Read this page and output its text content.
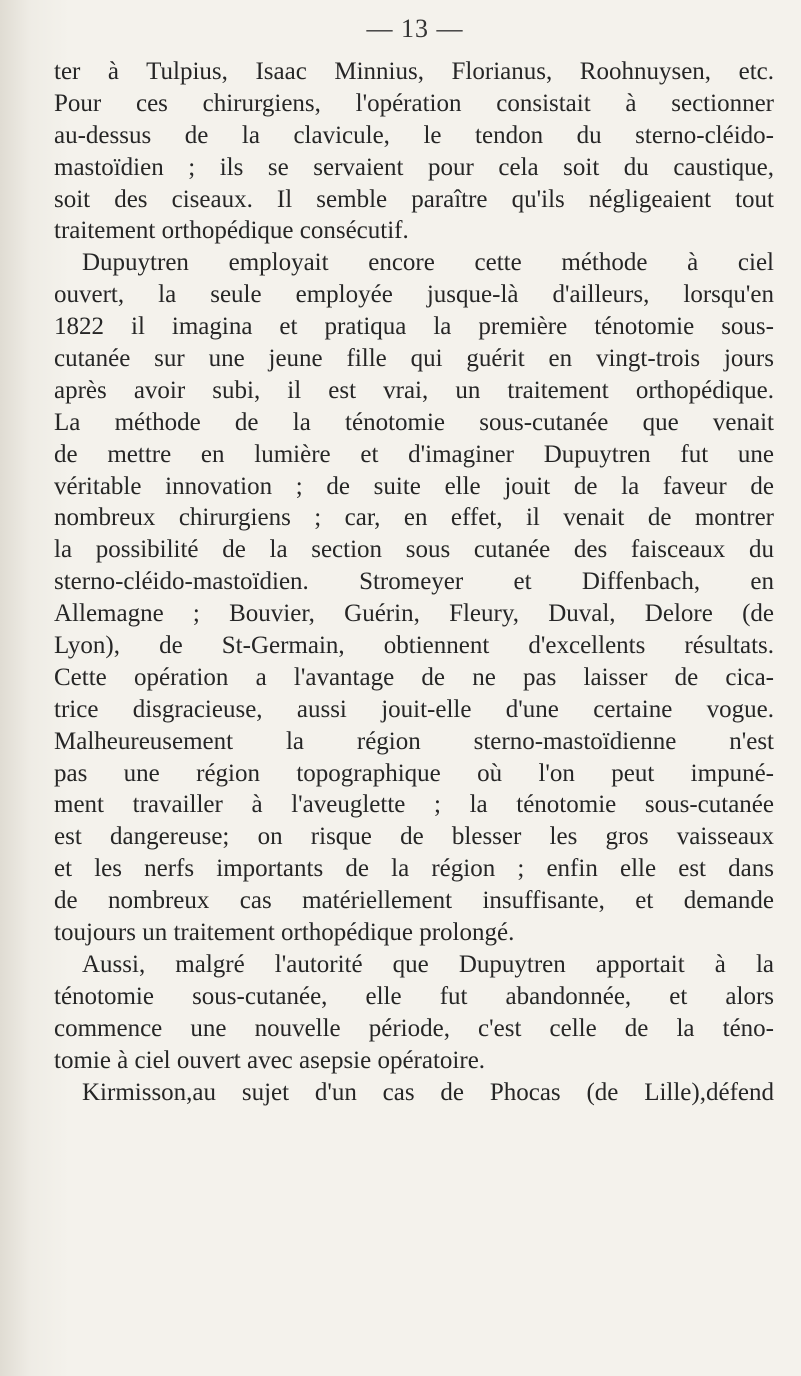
— 13 —
ter à Tulpius, Isaac Minnius, Florianus, Roohnuysen, etc.
Pour ces chirurgiens, l'opération consistait à sectionner
au-dessus de la clavicule, le tendon du sterno-cléido-
mastoïdien ; ils se servaient pour cela soit du caustique,
soit des ciseaux. Il semble paraître qu'ils négligeaient tout
traitement orthopédique consécutif.
Dupuytren employait encore cette méthode à ciel
ouvert, la seule employée jusque-là d'ailleurs, lorsqu'en
1822 il imagina et pratiqua la première ténotomie sous-
cutanée sur une jeune fille qui guérit en vingt-trois jours
après avoir subi, il est vrai, un traitement orthopédique.
La méthode de la ténotomie sous-cutanée que venait
de mettre en lumière et d'imaginer Dupuytren fut une
véritable innovation ; de suite elle jouit de la faveur de
nombreux chirurgiens ; car, en effet, il venait de montrer
la possibilité de la section sous cutanée des faisceaux du
sterno-cléido-mastoïdien. Stromeyer et Diffenbach, en
Allemagne ; Bouvier, Guérin, Fleury, Duval, Delore (de
Lyon), de St-Germain, obtiennent d'excellents résultats.
Cette opération a l'avantage de ne pas laisser de cica-
trice disgracieuse, aussi jouit-elle d'une certaine vogue.
Malheureusement la région sterno-mastoïdienne n'est
pas une région topographique où l'on peut impuné-
ment travailler à l'aveuglette ; la ténotomie sous-cutanée
est dangereuse; on risque de blesser les gros vaisseaux
et les nerfs importants de la région ; enfin elle est dans
de nombreux cas matériellement insuffisante, et demande
toujours un traitement orthopédique prolongé.
Aussi, malgré l'autorité que Dupuytren apportait à la
ténotomie sous-cutanée, elle fut abandonnée, et alors
commence une nouvelle période, c'est celle de la téno-
tomie à ciel ouvert avec asepsie opératoire.
Kirmisson,au sujet d'un cas de Phocas (de Lille),défend
